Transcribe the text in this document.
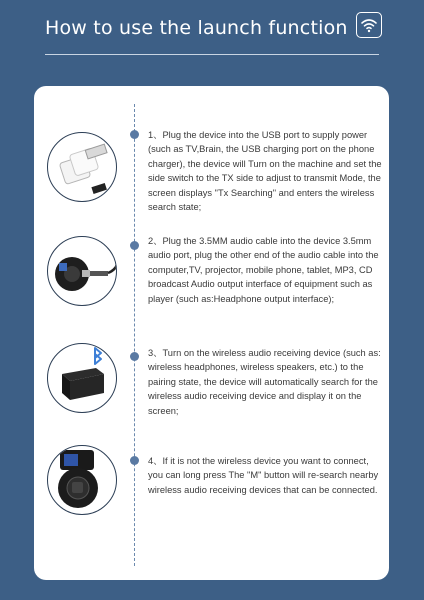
How to use the launch function
1、Plug the device into the USB port to supply power (such as TV,Brain, the USB charging port on the phone charger), the device will Turn on the machine and set the side switch to the TX side to adjust to transmit Mode, the screen displays "Tx Searching" and enters the wireless search state;
2、Plug the 3.5MM audio cable into the device 3.5mm audio port, plug the other end of the audio cable into the computer,TV, projector, mobile phone, tablet, MP3, CD broadcast Audio output interface of equipment such as player (such as:Headphone output interface);
3、Turn on the wireless audio receiving device (such as: wireless headphones, wireless speakers, etc.) to the pairing state, the device will automatically search for the wireless audio receiving device and display it on the screen;
4、If it is not the wireless device you want to connect, you can long press The "M" button will re-search nearby wireless audio receiving devices that can be connected.
